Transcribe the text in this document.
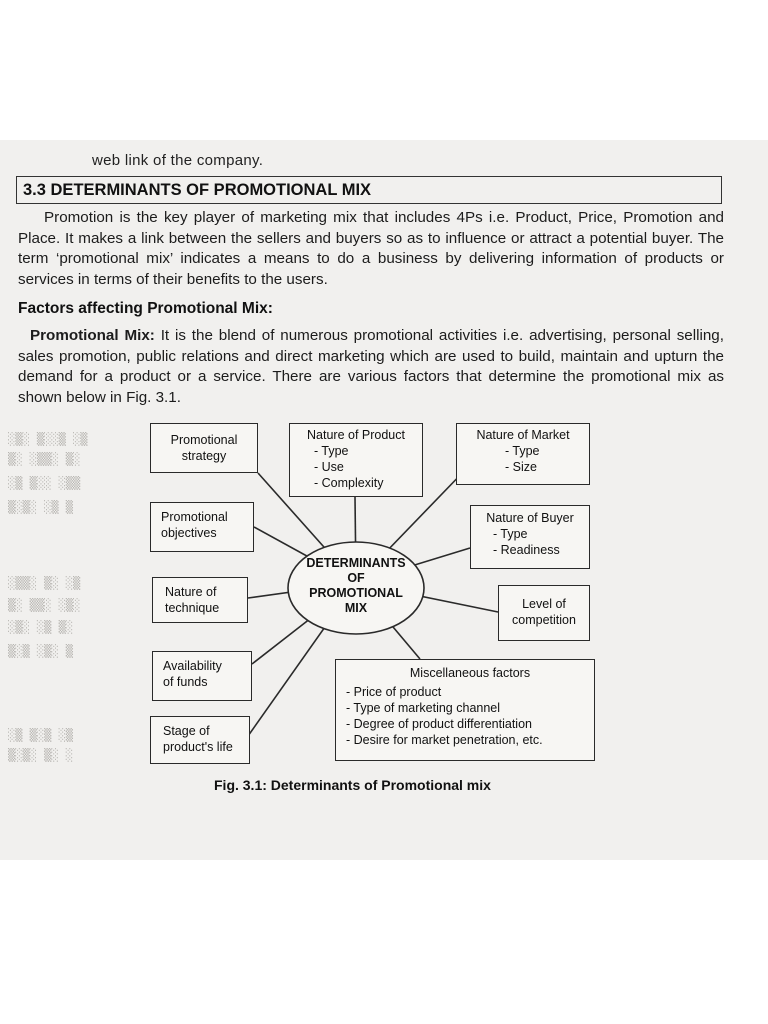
web link of the company.
3.3 DETERMINANTS OF PROMOTIONAL MIX
Promotion is the key player of marketing mix that includes 4Ps i.e. Product, Price, Promotion and Place. It makes a link between the sellers and buyers so as to influence or attract a potential buyer. The term ‘promotional mix’ indicates a means to do a business by delivering information of products or services in terms of their benefits to the users.
Factors affecting Promotional Mix:
Promotional Mix: It is the blend of numerous promotional activities i.e. advertising, personal selling, sales promotion, public relations and direct marketing which are used to build, maintain and upturn the demand for a product or a service. There are various factors that determine the promotional mix as shown below in Fig. 3.1.
░▒░ ▒░░▒ ░▒
▒░ ░▒▒░ ▒░
░▒ ▒░░ ░▒▒
▒░▒░ ░▒ ▒
░▒▒░ ▒░ ░▒
▒░ ▒▒░ ░▒░
░▒░ ░▒ ▒░
▒░▒ ░▒░ ▒
░▒ ▒░▒ ░▒
▒░▒░ ▒░ ░
DETERMINANTS
OF
PROMOTIONAL
MIX
Promotional
strategy
Nature of Product
- Type
- Use
- Complexity
Nature of Market
- Type
- Size
Promotional
objectives
Nature of Buyer
- Type
- Readiness
Nature of
technique	Level of
competition
Availability
of funds
Miscellaneous factors
- Price of product
- Type of marketing channel
- Degree of product differentiation
- Desire for market penetration, etc.
Stage of
product's life
Fig. 3.1: Determinants of Promotional mix
